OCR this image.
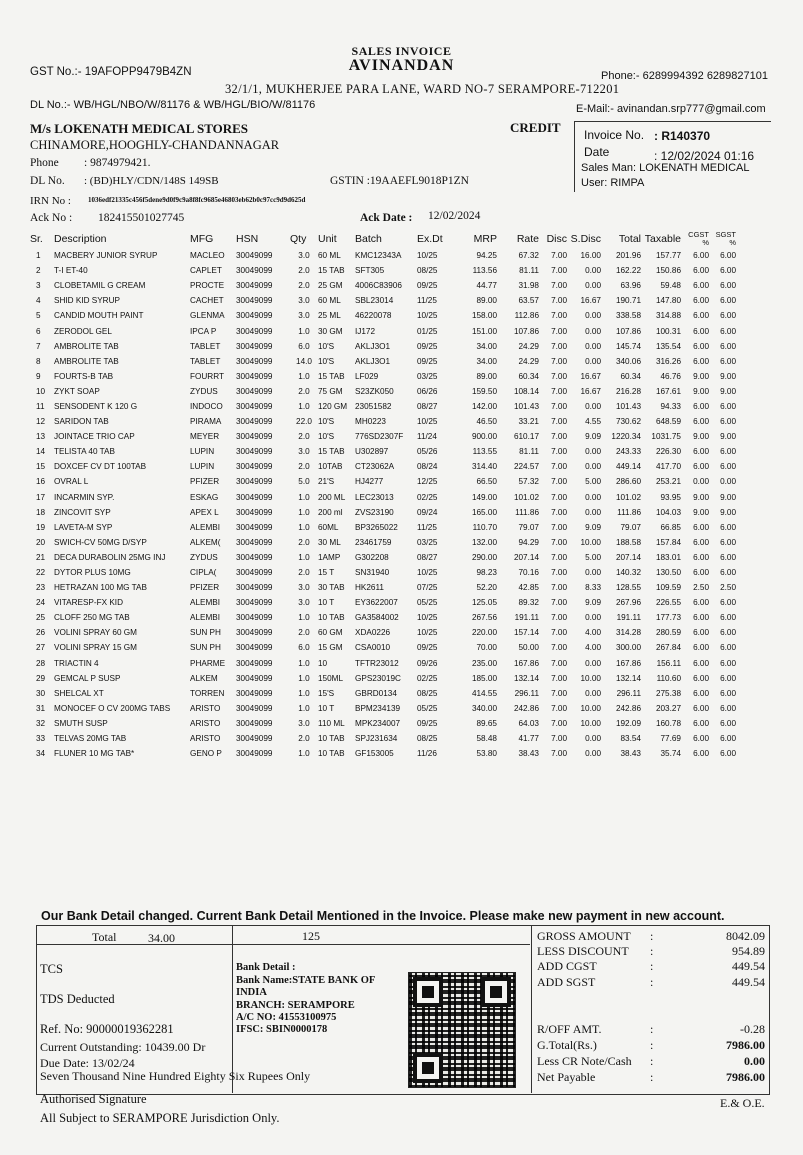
SALES INVOICE
AVINANDAN
GST No.:- 19AFOPP9479B4ZN	Phone:- 6289994392 6289827101
32/1/1, MUKHERJEE PARA LANE, WARD NO-7 SERAMPORE-712201
DL No.:- WB/HGL/NBO/W/81176 & WB/HGL/BIO/W/81176	E-Mail:- avinandan.srp777@gmail.com
M/s LOKENATH MEDICAL STORES
CHINAMORE,HOOGHLY-CHANDANNAGAR
Phone : 9874979421.
DL No. : (BD)HLY/CDN/148S 149SB	GSTIN :19AAEFL9018P1ZN
IRN No : 1036edf21335c456f5dene9d0f9c9a8f8fc9685e46803eb62b0c97cc9d9d625d
Ack No : 182415501027745	Ack Date : 12/02/2024
CREDIT Invoice No. : R140370
Date	: 12/02/2024 01:16
Sales Man: LOKENATH MEDICAL
User: RIMPA
Sr.	Description	MFG	HSN	Qty	Unit	Batch	Ex.Dt	MRP	Rate	Disc	S.Disc	Total	Taxable	CGST %	SGST %
1	MACBERY JUNIOR SYRUP	MACLEO	30049099	3.0	60 ML	KMC12343A	10/25	94.25	67.32	7.00	16.00	201.96	157.77	6.00	6.00
2	T-I ET-40	CAPLET	30049099	2.0	15 TAB	SFT305	08/25	113.56	81.11	7.00	0.00	162.22	150.86	6.00	6.00
3	CLOBETAMIL G CREAM	PROCTE	30049099	2.0	25 GM	4006C83906	09/25	44.77	31.98	7.00	0.00	63.96	59.48	6.00	6.00
4	SHID KID SYRUP	CACHET	30049099	3.0	60 ML	SBL23014	11/25	89.00	63.57	7.00	16.67	190.71	147.80	6.00	6.00
5	CANDID MOUTH PAINT	GLENMA	30049099	3.0	25 ML	46220078	10/25	158.00	112.86	7.00	0.00	338.58	314.88	6.00	6.00
6	ZERODOL GEL	IPCA P	30049099	1.0	30 GM	IJ172	01/25	151.00	107.86	7.00	0.00	107.86	100.31	6.00	6.00
7	AMBROLITE TAB	TABLET	30049099	6.0	10'S	AKLJ3O1	09/25	34.00	24.29	7.00	0.00	145.74	135.54	6.00	6.00
8	AMBROLITE TAB	TABLET	30049099	14.0	10'S	AKLJ3O1	09/25	34.00	24.29	7.00	0.00	340.06	316.26	6.00	6.00
9	FOURTS-B TAB	FOURRT	30049099	1.0	15 TAB	LF029	03/25	89.00	60.34	7.00	16.67	60.34	46.76	9.00	9.00
10	ZYKT SOAP	ZYDUS	30049099	2.0	75 GM	S23ZK050	06/26	159.50	108.14	7.00	16.67	216.28	167.61	9.00	9.00
11	SENSODENT K 120 G	INDOCO	30049099	1.0	120 GM	23051582	08/27	142.00	101.43	7.00	0.00	101.43	94.33	6.00	6.00
12	SARIDON TAB	PIRAMA	30049099	22.0	10'S	MH0223	10/25	46.50	33.21	7.00	4.55	730.62	648.59	6.00	6.00
13	JOINTACE TRIO CAP	MEYER	30049099	2.0	10'S	776SD2307F	11/24	900.00	610.17	7.00	9.09	1220.34	1031.75	9.00	9.00
14	TELISTA 40 TAB	LUPIN	30049099	3.0	15 TAB	U302897	05/26	113.55	81.11	7.00	0.00	243.33	226.30	6.00	6.00
15	DOXCEF CV DT 100TAB	LUPIN	30049099	2.0	10TAB	CT23062A	08/24	314.40	224.57	7.00	0.00	449.14	417.70	6.00	6.00
16	OVRAL L	PFIZER	30049099	5.0	21'S	HJ4277	12/25	66.50	57.32	7.00	5.00	286.60	253.21	0.00	0.00
17	INCARMIN SYP.	ESKAG	30049099	1.0	200 ML	LEC23013	02/25	149.00	101.02	7.00	0.00	101.02	93.95	9.00	9.00
18	ZINCOVIT SYP	APEX L	30049099	1.0	200 ml	ZVS23190	09/24	165.00	111.86	7.00	0.00	111.86	104.03	9.00	9.00
19	LAVETA-M SYP	ALEMBI	30049099	1.0	60ML	BP3265022	11/25	110.70	79.07	7.00	9.09	79.07	66.85	6.00	6.00
20	SWICH-CV 50MG D/SYP	ALKEM(	30049099	2.0	30 ML	23461759	03/25	132.00	94.29	7.00	10.00	188.58	157.84	6.00	6.00
21	DECA DURABOLIN 25MG INJ	ZYDUS	30049099	1.0	1AMP	G302208	08/27	290.00	207.14	7.00	5.00	207.14	183.01	6.00	6.00
22	DYTOR PLUS 10MG	CIPLA(	30049099	2.0	15 T	SN31940	10/25	98.23	70.16	7.00	0.00	140.32	130.50	6.00	6.00
23	HETRAZAN 100 MG TAB	PFIZER	30049099	3.0	30 TAB	HK2611	07/25	52.20	42.85	7.00	8.33	128.55	109.59	2.50	2.50
24	VITARESP-FX KID	ALEMBI	30049099	3.0	10 T	EY3622007	05/25	125.05	89.32	7.00	9.09	267.96	226.55	6.00	6.00
25	CLOFF 250 MG TAB	ALEMBI	30049099	1.0	10 TAB	GA3584002	10/25	267.56	191.11	7.00	0.00	191.11	177.73	6.00	6.00
26	VOLINI SPRAY 60 GM	SUN PH	30049099	2.0	60 GM	XDA0226	10/25	220.00	157.14	7.00	4.00	314.28	280.59	6.00	6.00
27	VOLINI SPRAY 15 GM	SUN PH	30049099	6.0	15 GM	CSA0010	09/25	70.00	50.00	7.00	4.00	300.00	267.84	6.00	6.00
28	TRIACTIN 4	PHARME	30049099	1.0	10	TFTR23012	09/26	235.00	167.86	7.00	0.00	167.86	156.11	6.00	6.00
29	GEMCAL P SUSP	ALKEM	30049099	1.0	150ML	GPS23019C	02/25	185.00	132.14	7.00	10.00	132.14	110.60	6.00	6.00
30	SHELCAL XT	TORREN	30049099	1.0	15'S	GBRD0134	08/25	414.55	296.11	7.00	0.00	296.11	275.38	6.00	6.00
31	MONOCEF O CV 200MG TABS	ARISTO	30049099	1.0	10 T	BPM234139	05/25	340.00	242.86	7.00	10.00	242.86	203.27	6.00	6.00
32	SMUTH SUSP	ARISTO	30049099	3.0	110 ML	MPK234007	09/25	89.65	64.03	7.00	10.00	192.09	160.78	6.00	6.00
33	TELVAS 20MG TAB	ARISTO	30049099	2.0	10 TAB	SPJ231634	08/25	58.48	41.77	7.00	0.00	83.54	77.69	6.00	6.00
34	FLUNER 10 MG TAB*	GENO P	30049099	1.0	10 TAB	GF153005	11/26	53.80	38.43	7.00	0.00	38.43	35.74	6.00	6.00
Our Bank Detail changed. Current Bank Detail Mentioned in the Invoice. Please make new payment in new account.
Total	34.00	125
TCS
TDS Deducted
Ref. No: 90000019362281
Current Outstanding: 10439.00 Dr
Due Date: 13/02/24
Seven Thousand Nine Hundred Eighty Six Rupees Only
Bank Detail :
Bank Name:STATE BANK OF INDIA
BRANCH: SERAMPORE
A/C NO: 41553100975
IFSC: SBIN0000178
GROSS AMOUNT :	8042.09
LESS DISCOUNT :	954.89
ADD CGST	:	449.54
ADD SGST	:	449.54
R/OFF AMT.	:	-0.28
G.Total(Rs.)	:	7986.00
Less CR Note/Cash :	0.00
Net Payable	:	7986.00
Authorised Signature
All Subject to SERAMPORE Jurisdiction Only.
E.& O.E.
